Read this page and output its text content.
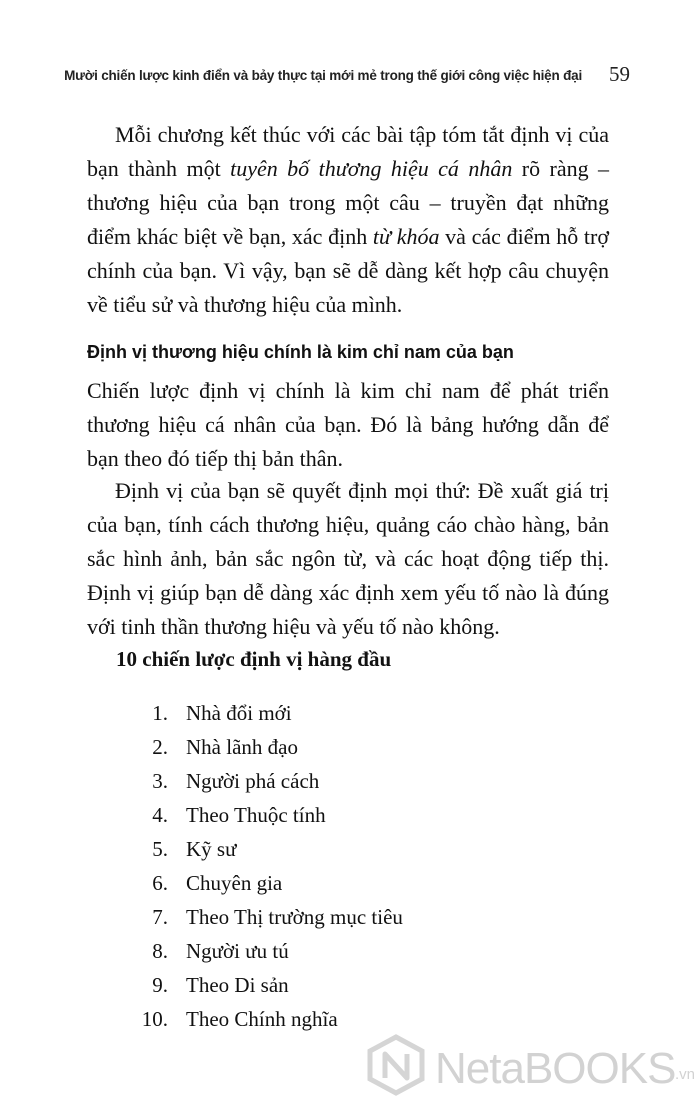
Mười chiến lược kinh điển và bảy thực tại mới mẻ trong thế giới công việc hiện đại 59

Mỗi chương kết thúc với các bài tập tóm tắt định vị của bạn thành một tuyên bố thương hiệu cá nhân rõ ràng – thương hiệu của bạn trong một câu – truyền đạt những điểm khác biệt về bạn, xác định từ khóa và các điểm hỗ trợ chính của bạn. Vì vậy, bạn sẽ dễ dàng kết hợp câu chuyện về tiểu sử và thương hiệu của mình.

Định vị thương hiệu chính là kim chỉ nam của bạn

Chiến lược định vị chính là kim chỉ nam để phát triển thương hiệu cá nhân của bạn. Đó là bảng hướng dẫn để bạn theo đó tiếp thị bản thân.

Định vị của bạn sẽ quyết định mọi thứ: Đề xuất giá trị của bạn, tính cách thương hiệu, quảng cáo chào hàng, bản sắc hình ảnh, bản sắc ngôn từ, và các hoạt động tiếp thị. Định vị giúp bạn dễ dàng xác định xem yếu tố nào là đúng với tinh thần thương hiệu và yếu tố nào không.

10 chiến lược định vị hàng đầu
1. Nhà đổi mới
2. Nhà lãnh đạo
3. Người phá cách
4. Theo Thuộc tính
5. Kỹ sư
6. Chuyên gia
7. Theo Thị trường mục tiêu
8. Người ưu tú
9. Theo Di sản
10. Theo Chính nghĩa
NetaBOOKS .vn
